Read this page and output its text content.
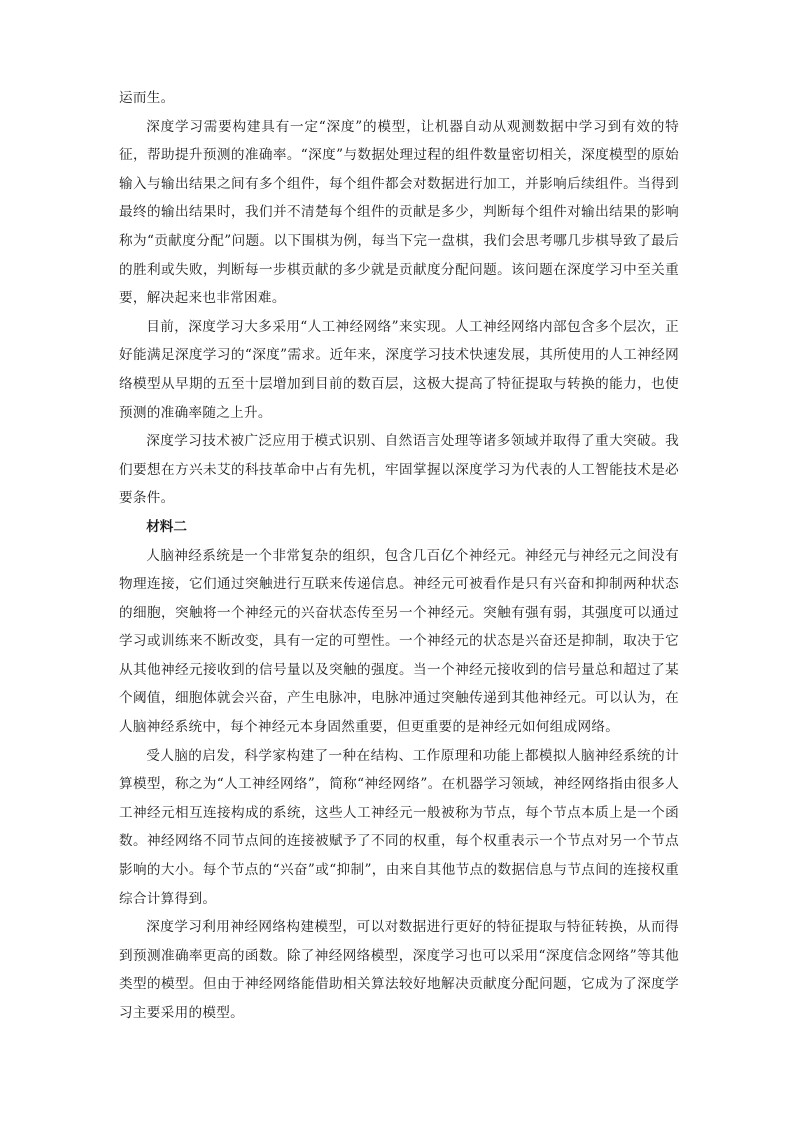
运而生。

深度学习需要构建具有一定“深度”的模型，让机器自动从观测数据中学习到有效的特征，帮助提升预测的准确率。“深度”与数据处理过程的组件数量密切相关，深度模型的原始输入与输出结果之间有多个组件，每个组件都会对数据进行加工，并影响后续组件。当得到最终的输出结果时，我们并不清楚每个组件的贡献是多少，判断每个组件对输出结果的影响称为“贡献度分配”问题。以下围棋为例，每当下完一盘棋，我们会思考哪几步棋导致了最后的胜利或失败，判断每一步棋贡献的多少就是贡献度分配问题。该问题在深度学习中至关重要，解决起来也非常困难。

目前，深度学习大多采用“人工神经网络”来实现。人工神经网络内部包含多个层次，正好能满足深度学习的“深度”需求。近年来，深度学习技术快速发展，其所使用的人工神经网络模型从早期的五至十层增加到目前的数百层，这极大提高了特征提取与转换的能力，也使预测的准确率随之上升。

深度学习技术被广泛应用于模式识别、自然语言处理等诸多领域并取得了重大突破。我们要想在方兴未艾的科技革命中占有先机，牢固掌握以深度学习为代表的人工智能技术是必要条件。

材料二

人脑神经系统是一个非常复杂的组织，包含几百亿个神经元。神经元与神经元之间没有物理连接，它们通过突触进行互联来传递信息。神经元可被看作是只有兴奋和抑制两种状态的细胞，突触将一个神经元的兴奋状态传至另一个神经元。突触有强有弱，其强度可以通过学习或训练来不断改变，具有一定的可塑性。一个神经元的状态是兴奋还是抑制，取决于它从其他神经元接收到的信号量以及突触的强度。当一个神经元接收到的信号量总和超过了某个阈值，细胞体就会兴奋，产生电脉冲，电脉冲通过突触传递到其他神经元。可以认为，在人脑神经系统中，每个神经元本身固然重要，但更重要的是神经元如何组成网络。

受人脑的启发，科学家构建了一种在结构、工作原理和功能上都模拟人脑神经系统的计算模型，称之为“人工神经网络”，简称“神经网络”。在机器学习领域，神经网络指由很多人工神经元相互连接构成的系统，这些人工神经元一般被称为节点，每个节点本质上是一个函数。神经网络不同节点间的连接被赋予了不同的权重，每个权重表示一个节点对另一个节点影响的大小。每个节点的“兴奋”或“抑制”，由来自其他节点的数据信息与节点间的连接权重综合计算得到。

深度学习利用神经网络构建模型，可以对数据进行更好的特征提取与特征转换，从而得到预测准确率更高的函数。除了神经网络模型，深度学习也可以采用“深度信念网络”等其他类型的模型。但由于神经网络能借助相关算法较好地解决贡献度分配问题，它成为了深度学习主要采用的模型。
